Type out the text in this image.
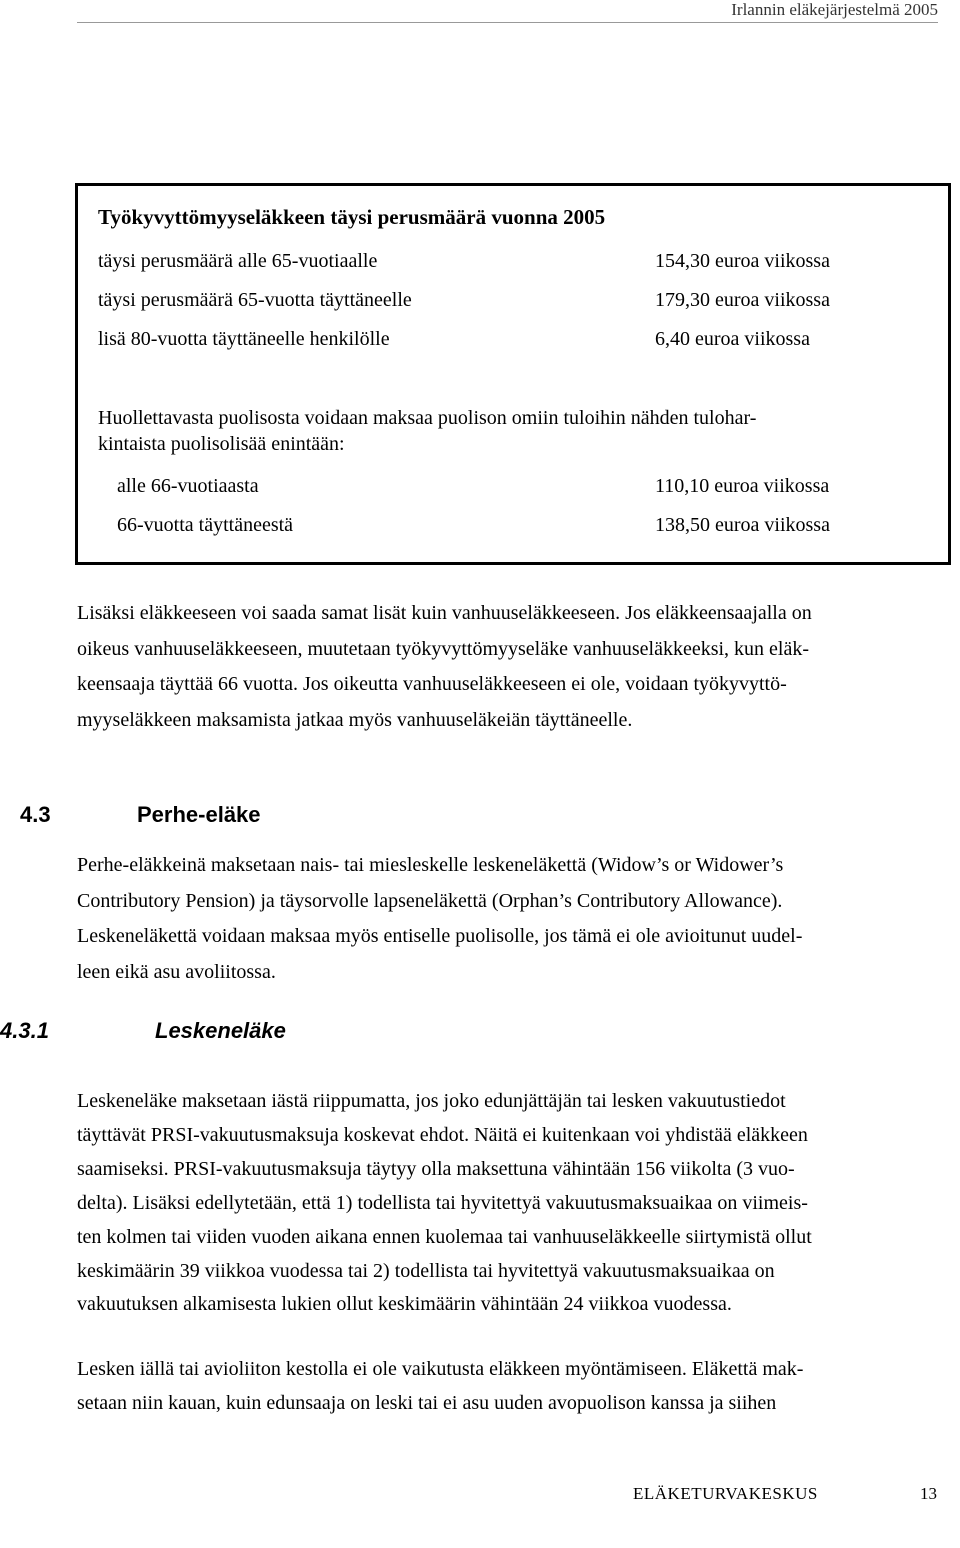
Irlannin eläkejärjestelmä 2005
Työkyvyttömyyseläkkeen täysi perusmäärä vuonna 2005
täysi perusmäärä alle 65-vuotiaalle	154,30 euroa viikossa
täysi perusmäärä 65-vuotta täyttäneelle	179,30 euroa viikossa
lisä 80-vuotta täyttäneelle henkilölle	6,40 euroa viikossa
Huollettavasta puolisosta voidaan maksaa puolison omiin tuloihin nähden tulohar-
kintaista puolisolisää enintään:
alle 66-vuotiaasta	110,10 euroa viikossa
66-vuotta täyttäneestä	138,50 euroa viikossa
Lisäksi eläkkeeseen voi saada samat lisät kuin vanhuuseläkkeeseen. Jos eläkkeensaajalla on
oikeus vanhuuseläkkeeseen, muutetaan työkyvyttömyyseläke vanhuuseläkkeeksi, kun eläk-
keensaaja täyttää 66 vuotta. Jos oikeutta vanhuuseläkkeeseen ei ole, voidaan työkyvyttö-
myyseläkkeen maksamista jatkaa myös vanhuuseläkeiän täyttäneelle.
4.3	Perhe-eläke
Perhe-eläkkeinä maksetaan nais- tai miesleskelle leskeneläkettä (Widow’s or Widower’s
Contributory Pension) ja täysorvolle lapseneläkettä (Orphan’s Contributory Allowance).
Leskeneläkettä voidaan maksaa myös entiselle puolisolle, jos tämä ei ole avioitunut uudel-
leen eikä asu avoliitossa.
4.3.1	Leskeneläke
Leskeneläke maksetaan iästä riippumatta, jos joko edunjättäjän tai lesken vakuutustiedot
täyttävät PRSI-vakuutusmaksuja koskevat ehdot. Näitä ei kuitenkaan voi yhdistää eläkkeen
saamiseksi. PRSI-vakuutusmaksuja täytyy olla maksettuna vähintään 156 viikolta (3 vuo-
delta). Lisäksi edellytetään, että 1) todellista tai hyvitettyä vakuutusmaksuaikaa on viimeis-
ten kolmen tai viiden vuoden aikana ennen kuolemaa tai vanhuuseläkkeelle siirtymistä ollut
keskimäärin 39 viikkoa vuodessa tai 2) todellista tai hyvitettyä vakuutusmaksuaikaa on
vakuutuksen alkamisesta lukien ollut keskimäärin vähintään 24 viikkoa vuodessa.
Lesken iällä tai avioliiton kestolla ei ole vaikutusta eläkkeen myöntämiseen. Eläkettä mak-
setaan niin kauan, kuin edunsaaja on leski tai ei asu uuden avopuolison kanssa ja siihen
ELÄKETURVAKESKUS	13
